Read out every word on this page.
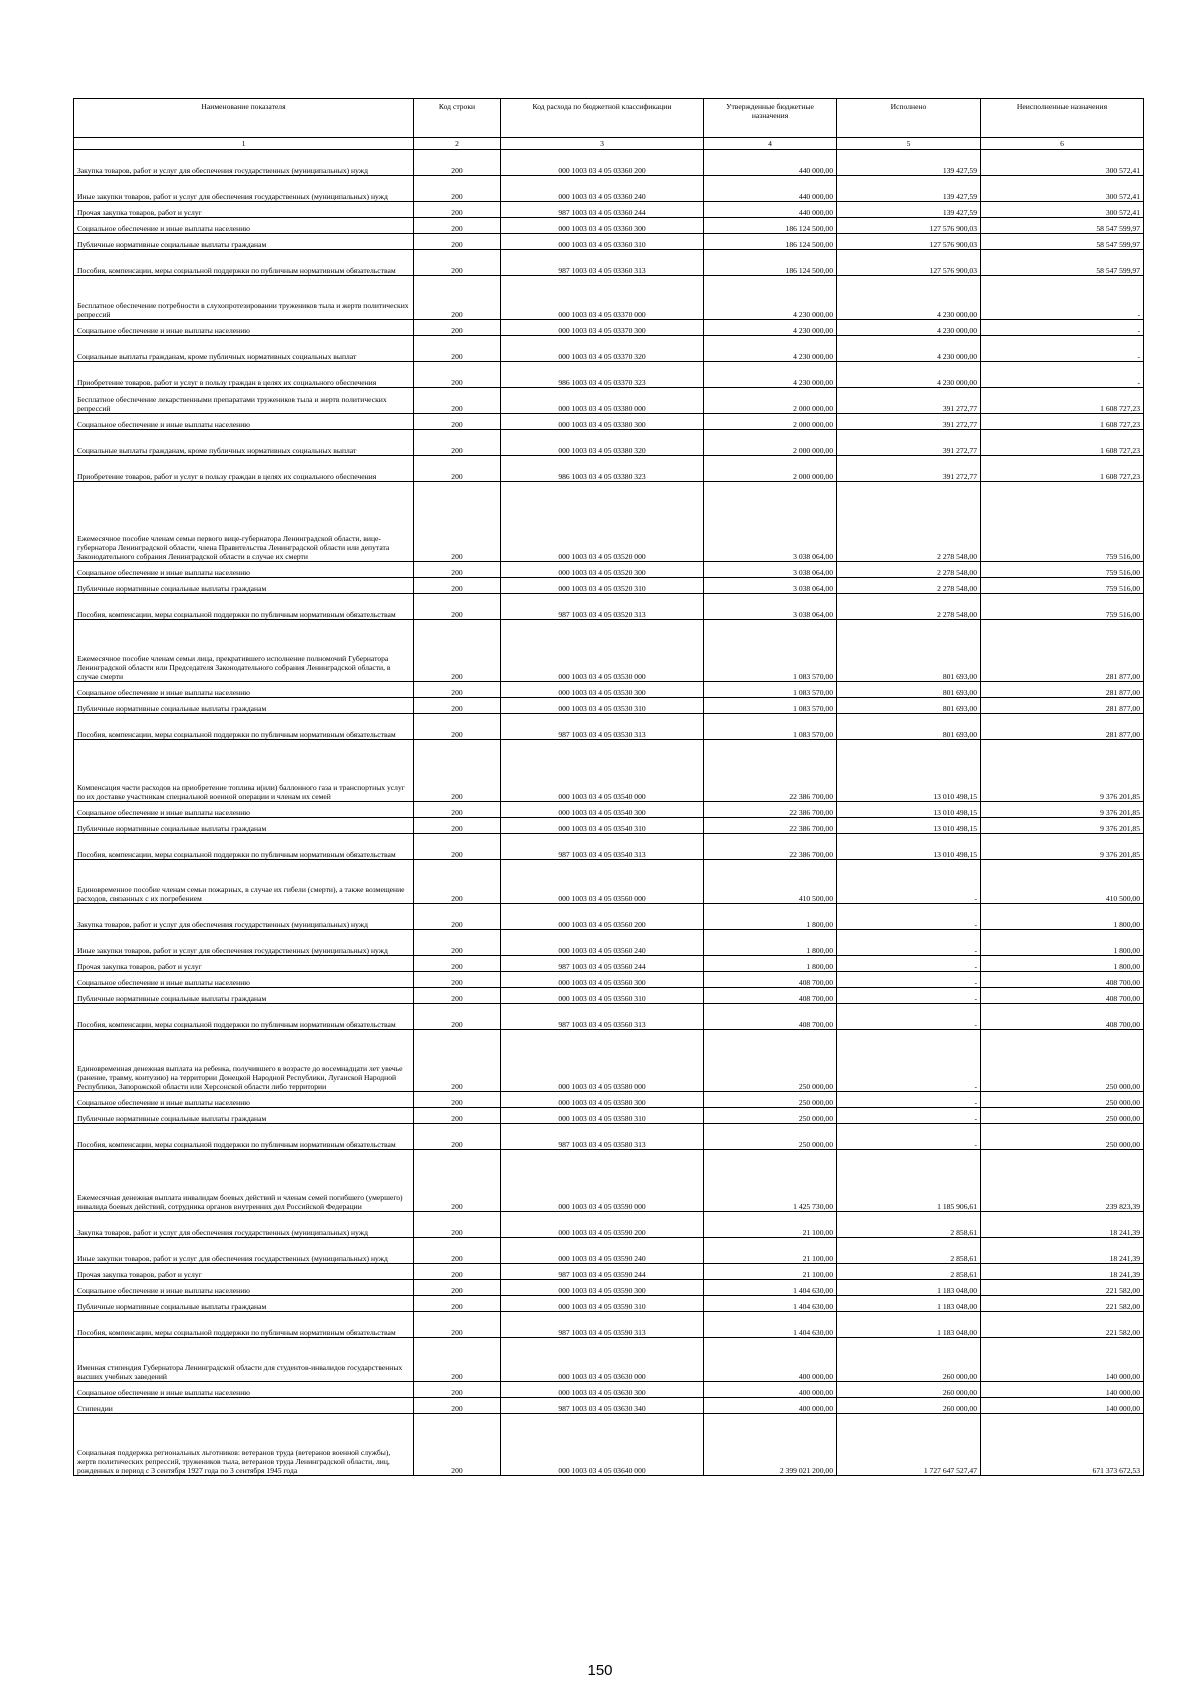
Наименование показателя	Код строки	Код расхода по бюджетной классификации	Утвержденные бюджетные назначения	Исполнено	Неисполненные назначения
1	2	3	4	5	6
Закупка товаров, работ и услуг для обеспечения государственных (муниципальных) нужд	200	000 1003 03 4 05 03360 200	440 000,00	139 427,59	300 572,41
Иные закупки товаров, работ и услуг для обеспечения государственных (муниципальных) нужд	200	000 1003 03 4 05 03360 240	440 000,00	139 427,59	300 572,41
Прочая закупка товаров, работ и услуг	200	987 1003 03 4 05 03360 244	440 000,00	139 427,59	300 572,41
Социальное обеспечение и иные выплаты населению	200	000 1003 03 4 05 03360 300	186 124 500,00	127 576 900,03	58 547 599,97
Публичные нормативные социальные выплаты гражданам	200	000 1003 03 4 05 03360 310	186 124 500,00	127 576 900,03	58 547 599,97
Пособия, компенсации, меры социальной поддержки по публичным нормативным обязательствам	200	987 1003 03 4 05 03360 313	186 124 500,00	127 576 900,03	58 547 599,97
Бесплатное обеспечение потребности в слухопротезировании тружеников тыла и жертв политических репрессий	200	000 1003 03 4 05 03370 000	4 230 000,00	4 230 000,00	-
Социальное обеспечение и иные выплаты населению	200	000 1003 03 4 05 03370 300	4 230 000,00	4 230 000,00	-
Социальные выплаты гражданам, кроме публичных нормативных социальных выплат	200	000 1003 03 4 05 03370 320	4 230 000,00	4 230 000,00	-
Приобретение товаров, работ и услуг в пользу граждан в целях их социального обеспечения	200	986 1003 03 4 05 03370 323	4 230 000,00	4 230 000,00	-
Бесплатное обеспечение лекарственными препаратами тружеников тыла и жертв политических репрессий	200	000 1003 03 4 05 03380 000	2 000 000,00	391 272,77	1 608 727,23
Социальное обеспечение и иные выплаты населению	200	000 1003 03 4 05 03380 300	2 000 000,00	391 272,77	1 608 727,23
Социальные выплаты гражданам, кроме публичных нормативных социальных выплат	200	000 1003 03 4 05 03380 320	2 000 000,00	391 272,77	1 608 727,23
Приобретение товаров, работ и услуг в пользу граждан в целях их социального обеспечения	200	986 1003 03 4 05 03380 323	2 000 000,00	391 272,77	1 608 727,23
Ежемесячное пособие членам семьи первого вице-губернатора Ленинградской области, вице-губернатора Ленинградской области, члена Правительства Ленинградской области или депутата Законодательного собрания Ленинградской области в случае их смерти	200	000 1003 03 4 05 03520 000	3 038 064,00	2 278 548,00	759 516,00
Социальное обеспечение и иные выплаты населению	200	000 1003 03 4 05 03520 300	3 038 064,00	2 278 548,00	759 516,00
Публичные нормативные социальные выплаты гражданам	200	000 1003 03 4 05 03520 310	3 038 064,00	2 278 548,00	759 516,00
Пособия, компенсации, меры социальной поддержки по публичным нормативным обязательствам	200	987 1003 03 4 05 03520 313	3 038 064,00	2 278 548,00	759 516,00
Ежемесячное пособие членам семьи лица, прекратившего исполнение полномочий Губернатора Ленинградской области или Председателя Законодательного собрания Ленинградской области, в случае смерти	200	000 1003 03 4 05 03530 000	1 083 570,00	801 693,00	281 877,00
Социальное обеспечение и иные выплаты населению	200	000 1003 03 4 05 03530 300	1 083 570,00	801 693,00	281 877,00
Публичные нормативные социальные выплаты гражданам	200	000 1003 03 4 05 03530 310	1 083 570,00	801 693,00	281 877,00
Пособия, компенсации, меры социальной поддержки по публичным нормативным обязательствам	200	987 1003 03 4 05 03530 313	1 083 570,00	801 693,00	281 877,00
Компенсация части расходов на приобретение топлива и(или) баллонного газа и транспортных услуг по их доставке участникам специальной военной операции и членам их семей	200	000 1003 03 4 05 03540 000	22 386 700,00	13 010 498,15	9 376 201,85
Социальное обеспечение и иные выплаты населению	200	000 1003 03 4 05 03540 300	22 386 700,00	13 010 498,15	9 376 201,85
Публичные нормативные социальные выплаты гражданам	200	000 1003 03 4 05 03540 310	22 386 700,00	13 010 498,15	9 376 201,85
Пособия, компенсации, меры социальной поддержки по публичным нормативным обязательствам	200	987 1003 03 4 05 03540 313	22 386 700,00	13 010 498,15	9 376 201,85
Единовременное пособие членам семьи пожарных, в случае их гибели (смерти), а также возмещение расходов, связанных с их погребением	200	000 1003 03 4 05 03560 000	410 500,00	-	410 500,00
Закупка товаров, работ и услуг для обеспечения государственных (муниципальных) нужд	200	000 1003 03 4 05 03560 200	1 800,00	-	1 800,00
Иные закупки товаров, работ и услуг для обеспечения государственных (муниципальных) нужд	200	000 1003 03 4 05 03560 240	1 800,00	-	1 800,00
Прочая закупка товаров, работ и услуг	200	987 1003 03 4 05 03560 244	1 800,00	-	1 800,00
Социальное обеспечение и иные выплаты населению	200	000 1003 03 4 05 03560 300	408 700,00	-	408 700,00
Публичные нормативные социальные выплаты гражданам	200	000 1003 03 4 05 03560 310	408 700,00	-	408 700,00
Пособия, компенсации, меры социальной поддержки по публичным нормативным обязательствам	200	987 1003 03 4 05 03560 313	408 700,00	-	408 700,00
Единовременная денежная выплата на ребенка, получившего в возрасте до восемнадцати лет увечье (ранение, травму, контузию) на территории Донецкой Народной Республики, Луганской Народной Республики, Запорожской области или Херсонской области либо территории	200	000 1003 03 4 05 03580 000	250 000,00	-	250 000,00
Социальное обеспечение и иные выплаты населению	200	000 1003 03 4 05 03580 300	250 000,00	-	250 000,00
Публичные нормативные социальные выплаты гражданам	200	000 1003 03 4 05 03580 310	250 000,00	-	250 000,00
Пособия, компенсации, меры социальной поддержки по публичным нормативным обязательствам	200	987 1003 03 4 05 03580 313	250 000,00	-	250 000,00
Ежемесячная денежная выплата инвалидам боевых действий и членам семей погибшего (умершего) инвалида боевых действий, сотрудника органов внутренних дел Российской Федерации	200	000 1003 03 4 05 03590 000	1 425 730,00	1 185 906,61	239 823,39
Закупка товаров, работ и услуг для обеспечения государственных (муниципальных) нужд	200	000 1003 03 4 05 03590 200	21 100,00	2 858,61	18 241,39
Иные закупки товаров, работ и услуг для обеспечения государственных (муниципальных) нужд	200	000 1003 03 4 05 03590 240	21 100,00	2 858,61	18 241,39
Прочая закупка товаров, работ и услуг	200	987 1003 03 4 05 03590 244	21 100,00	2 858,61	18 241,39
Социальное обеспечение и иные выплаты населению	200	000 1003 03 4 05 03590 300	1 404 630,00	1 183 048,00	221 582,00
Публичные нормативные социальные выплаты гражданам	200	000 1003 03 4 05 03590 310	1 404 630,00	1 183 048,00	221 582,00
Пособия, компенсации, меры социальной поддержки по публичным нормативным обязательствам	200	987 1003 03 4 05 03590 313	1 404 630,00	1 183 048,00	221 582,00
Именная стипендия Губернатора Ленинградской области для студентов-инвалидов государственных высших учебных заведений	200	000 1003 03 4 05 03630 000	400 000,00	260 000,00	140 000,00
Социальное обеспечение и иные выплаты населению	200	000 1003 03 4 05 03630 300	400 000,00	260 000,00	140 000,00
Стипендии	200	987 1003 03 4 05 03630 340	400 000,00	260 000,00	140 000,00
Социальная поддержка региональных льготников: ветеранов труда (ветеранов военной службы), жертв политических репрессий, тружеников тыла, ветеранов труда Ленинградской области, лиц, рожденных в период с 3 сентября 1927 года по 3 сентября 1945 года	200	000 1003 03 4 05 03640 000	2 399 021 200,00	1 727 647 527,47	671 373 672,53
150
